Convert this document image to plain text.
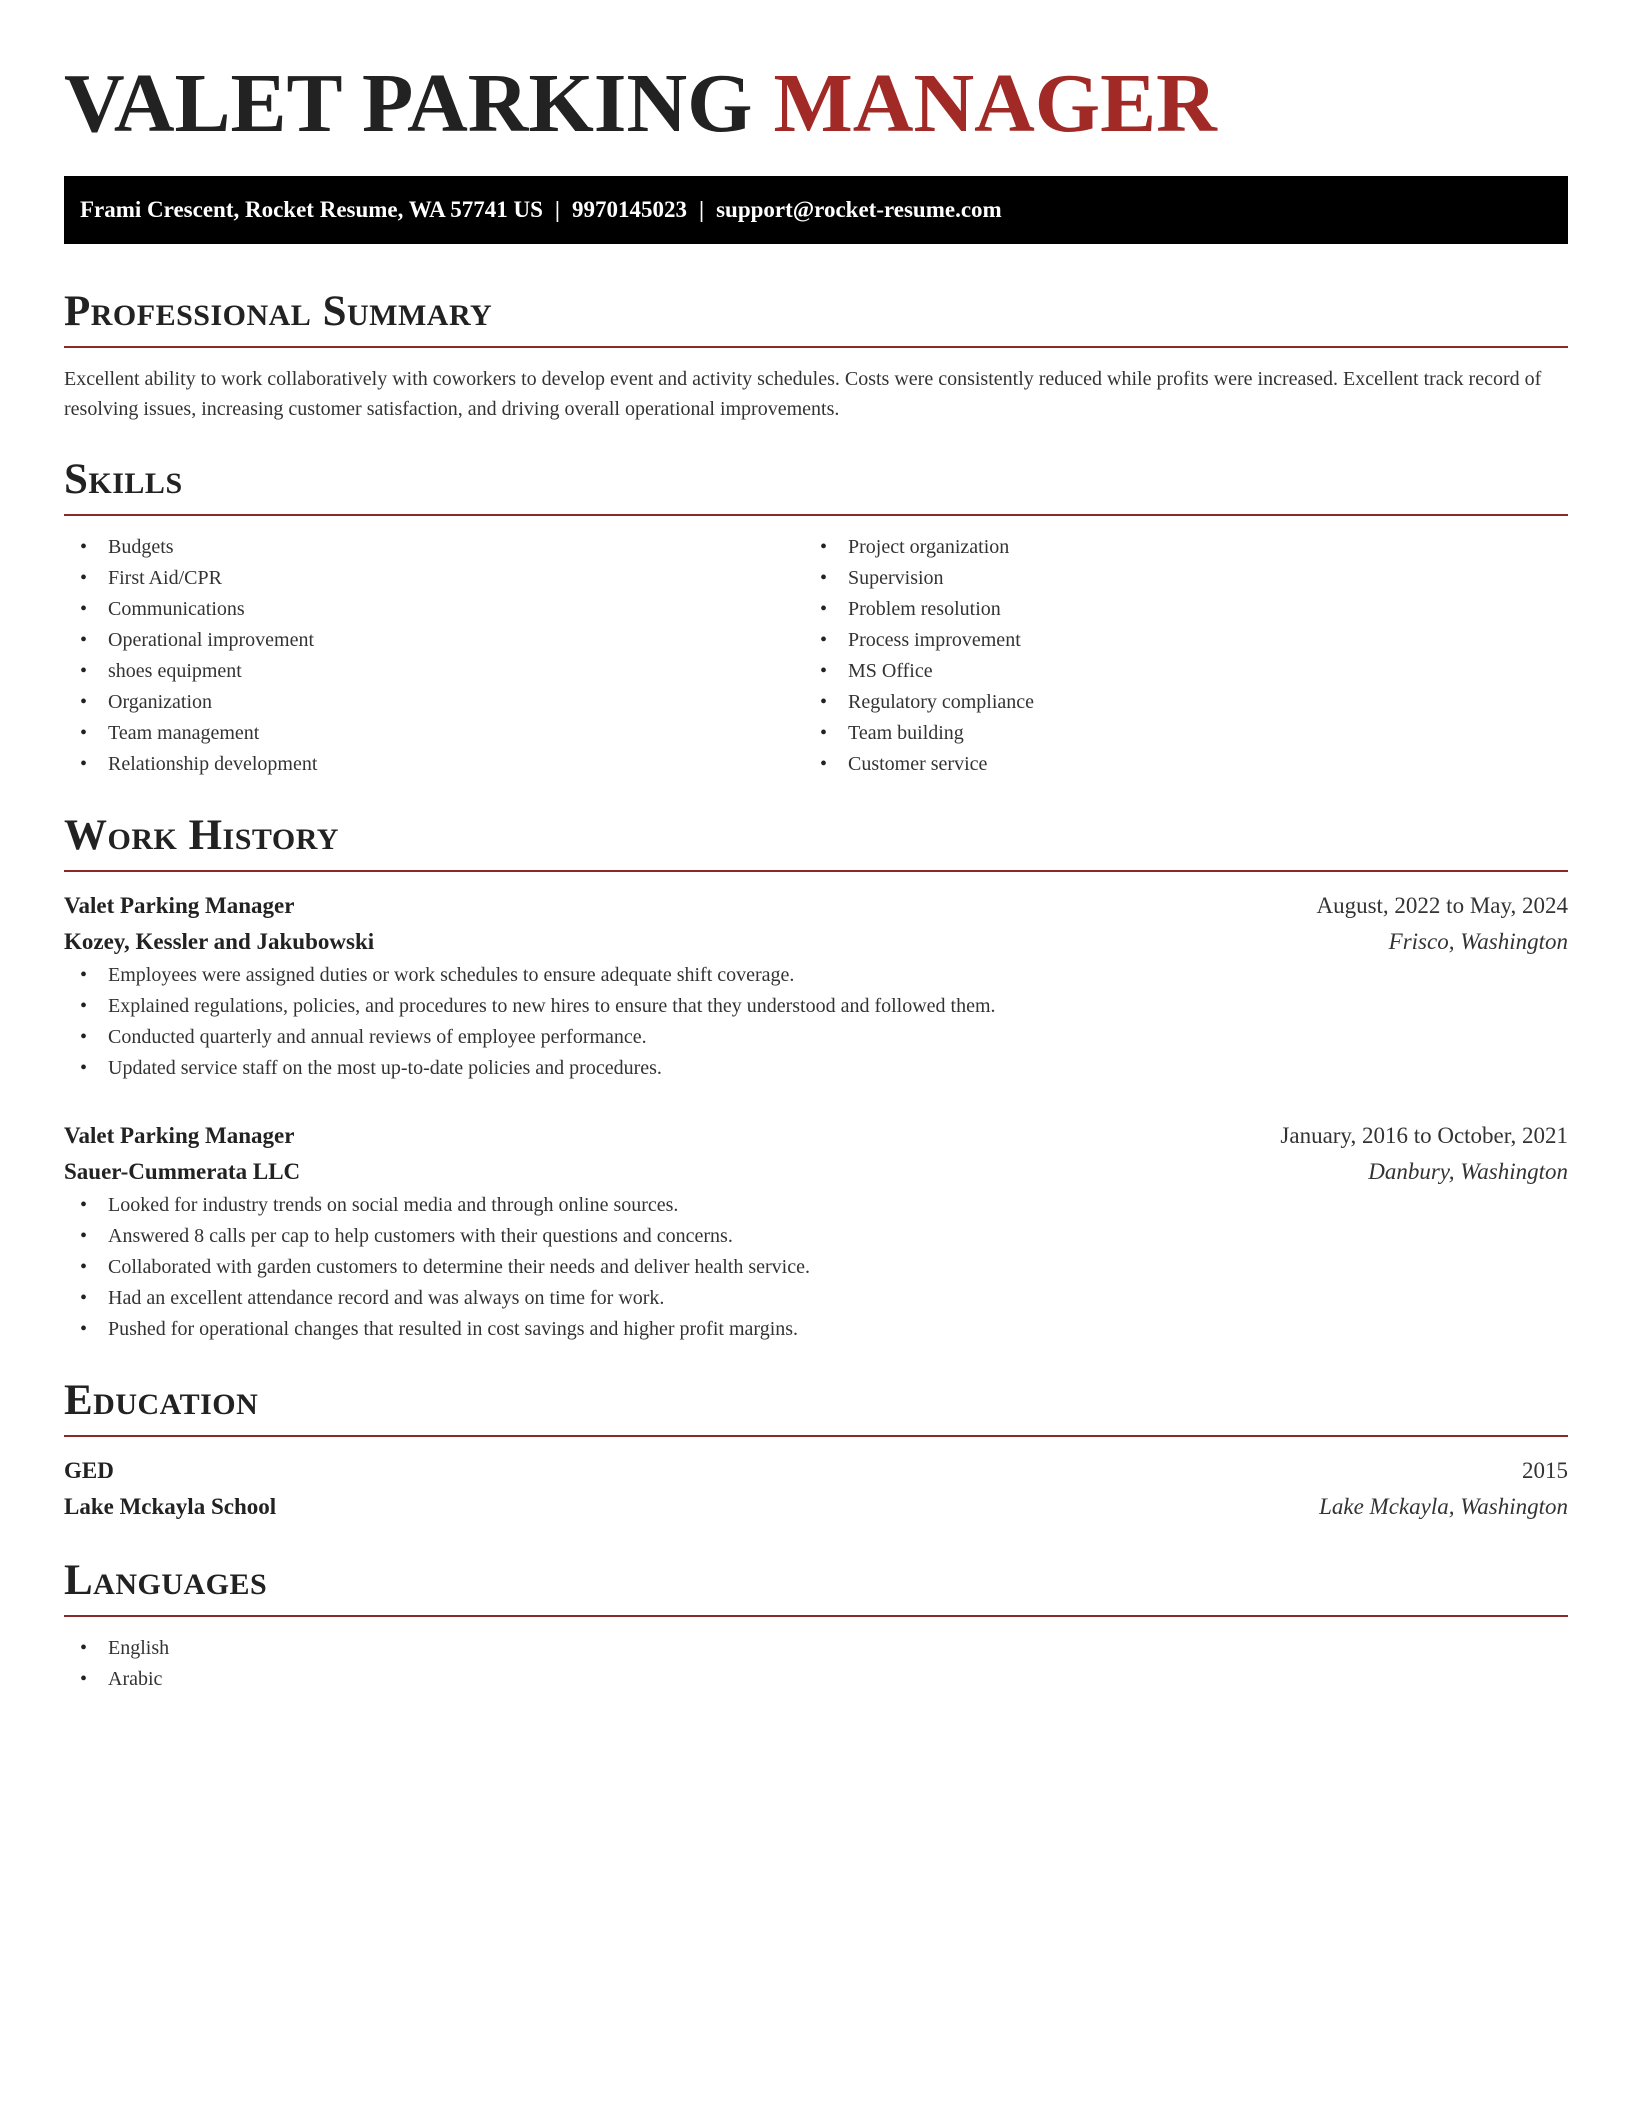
VALET PARKING MANAGER
Frami Crescent, Rocket Resume, WA 57741 US | 9970145023 | support@rocket-resume.com
Professional Summary

Excellent ability to work collaboratively with coworkers to develop event and activity schedules. Costs were consistently reduced while profits were increased. Excellent track record of resolving issues, increasing customer satisfaction, and driving overall operational improvements.

Skills
• Budgets
• First Aid/CPR
• Communications
• Operational improvement
• shoes equipment
• Organization
• Team management
• Relationship development
• Project organization
• Supervision
• Problem resolution
• Process improvement
• MS Office
• Regulatory compliance
• Team building
• Customer service
Work History
Valet Parking Manager	August, 2022 to May, 2024
Kozey, Kessler and Jakubowski	Frisco, Washington
• Employees were assigned duties or work schedules to ensure adequate shift coverage.
• Explained regulations, policies, and procedures to new hires to ensure that they understood and followed them.
• Conducted quarterly and annual reviews of employee performance.
• Updated service staff on the most up-to-date policies and procedures.
Valet Parking Manager	January, 2016 to October, 2021
Sauer-Cummerata LLC	Danbury, Washington
• Looked for industry trends on social media and through online sources.
• Answered 8 calls per cap to help customers with their questions and concerns.
• Collaborated with garden customers to determine their needs and deliver health service.
• Had an excellent attendance record and was always on time for work.
• Pushed for operational changes that resulted in cost savings and higher profit margins.
Education
GED	2015
Lake Mckayla School	Lake Mckayla, Washington
Languages
• English
• Arabic
